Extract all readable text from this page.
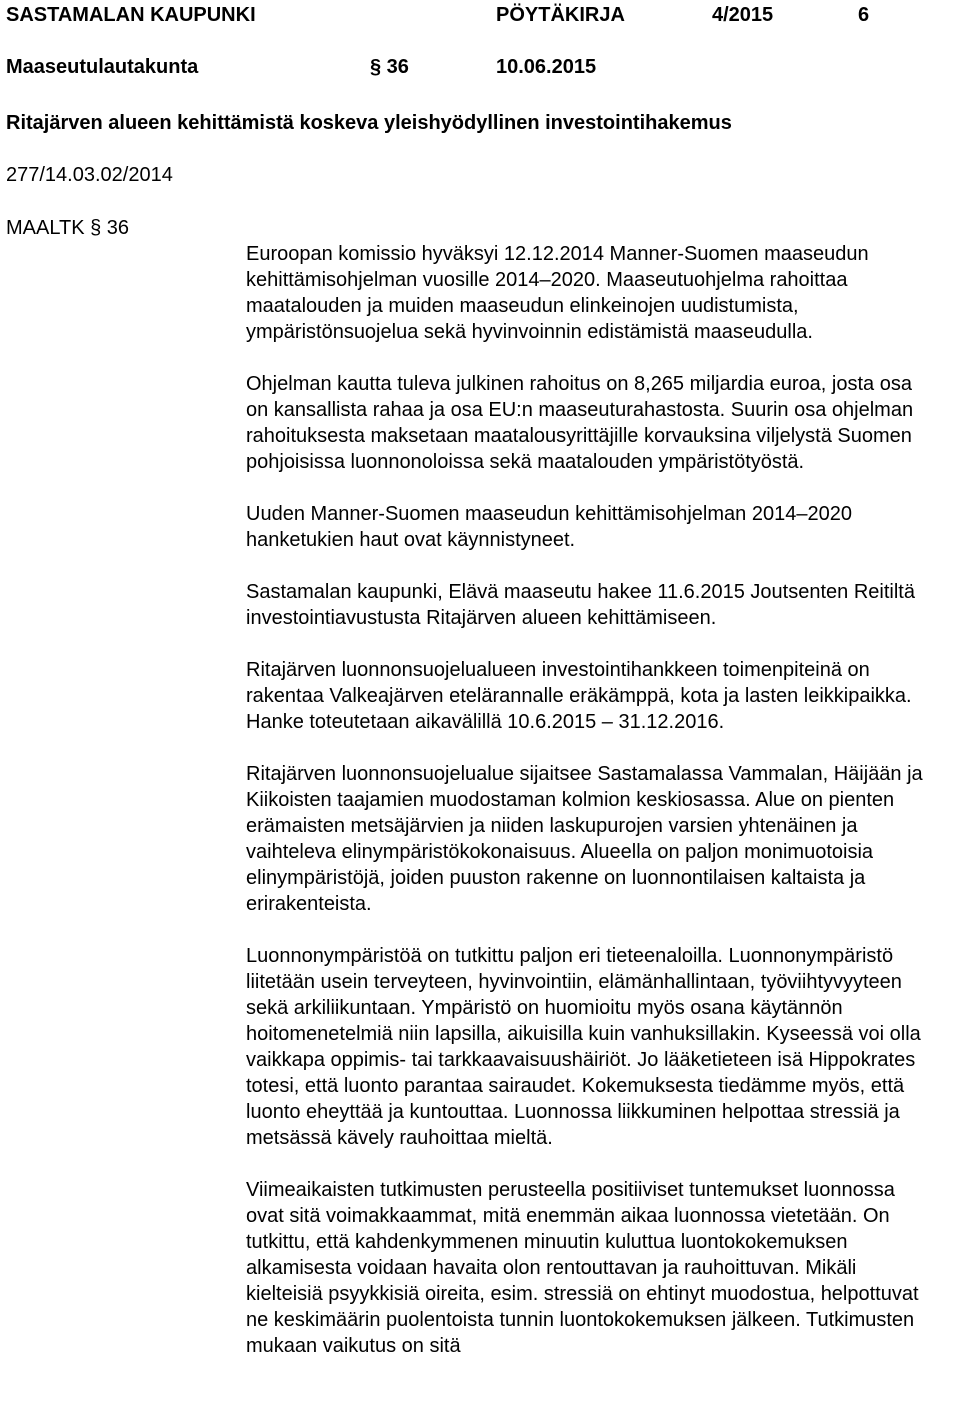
SASTAMALAN KAUPUNKI	PÖYTÄKIRJA	4/2015	6
Maaseutulautakunta	§ 36	10.06.2015
Ritajärven alueen kehittämistä koskeva yleishyödyllinen investointihakemus
277/14.03.02/2014
MAALTK § 36

Euroopan komissio hyväksyi 12.12.2014 Manner-Suomen maaseudun kehittämisohjelman vuosille 2014–2020. Maaseutuohjelma rahoittaa maatalouden ja muiden maaseudun elinkeinojen uudistumista, ympäristönsuojelua sekä hyvinvoinnin edistämistä maaseudulla.

Ohjelman kautta tuleva julkinen rahoitus on 8,265 miljardia euroa, josta osa on kansallista rahaa ja osa EU:n maaseuturahastosta. Suurin osa ohjelman rahoituksesta maksetaan maatalousyrittäjille korvauksina viljelystä Suomen pohjoisissa luonnonoloissa sekä maatalouden ympäristötyöstä.

Uuden Manner-Suomen maaseudun kehittämisohjelman 2014–2020 hanketukien haut ovat käynnistyneet.

Sastamalan kaupunki, Elävä maaseutu hakee 11.6.2015 Joutsenten Reitiltä investointiavustusta Ritajärven alueen kehittämiseen.

Ritajärven luonnonsuojelualueen investointihankkeen toimenpiteinä on rakentaa Valkeajärven etelärannalle eräkämppä, kota ja lasten leikkipaikka. Hanke toteutetaan aikavälillä 10.6.2015 – 31.12.2016.

Ritajärven luonnonsuojelualue sijaitsee Sastamalassa Vammalan, Häijään ja Kiikoisten taajamien muodostaman kolmion keskiosassa. Alue on pienten erämaisten metsäjärvien ja niiden laskupurojen varsien yhtenäinen ja vaihteleva elinympäristökokonaisuus. Alueella on paljon monimuotoisia elinympäristöjä, joiden puuston rakenne on luonnontilaisen kaltaista ja erirakenteista.

Luonnonympäristöä on tutkittu paljon eri tieteenaloilla. Luonnonympäristö liitetään usein terveyteen, hyvinvointiin, elämänhallintaan, työviihtyvyyteen sekä arkiliikuntaan. Ympäristö on huomioitu myös osana käytännön hoitomenetelmiä niin lapsilla, aikuisilla kuin vanhuksillakin. Kyseessä voi olla vaikkapa oppimis- tai tarkkaavaisuushäiriöt. Jo lääketieteen isä Hippokrates totesi, että luonto parantaa sairaudet. Kokemuksesta tiedämme myös, että luonto eheyttää ja kuntouttaa. Luonnossa liikkuminen helpottaa stressiä ja metsässä kävely rauhoittaa mieltä.

Viimeaikaisten tutkimusten perusteella positiiviset tuntemukset luonnossa ovat sitä voimakkaammat, mitä enemmän aikaa luonnossa vietetään. On tutkittu, että kahdenkymmenen minuutin kuluttua luontokokemuksen alkamisesta voidaan havaita olon rentouttavan ja rauhoittuvan. Mikäli kielteisiä psyykkisiä oireita, esim. stressiä on ehtinyt muodostua, helpottuvat ne keskimäärin puolentoista tunnin luontokokemuksen jälkeen. Tutkimusten mukaan vaikutus on sitä
